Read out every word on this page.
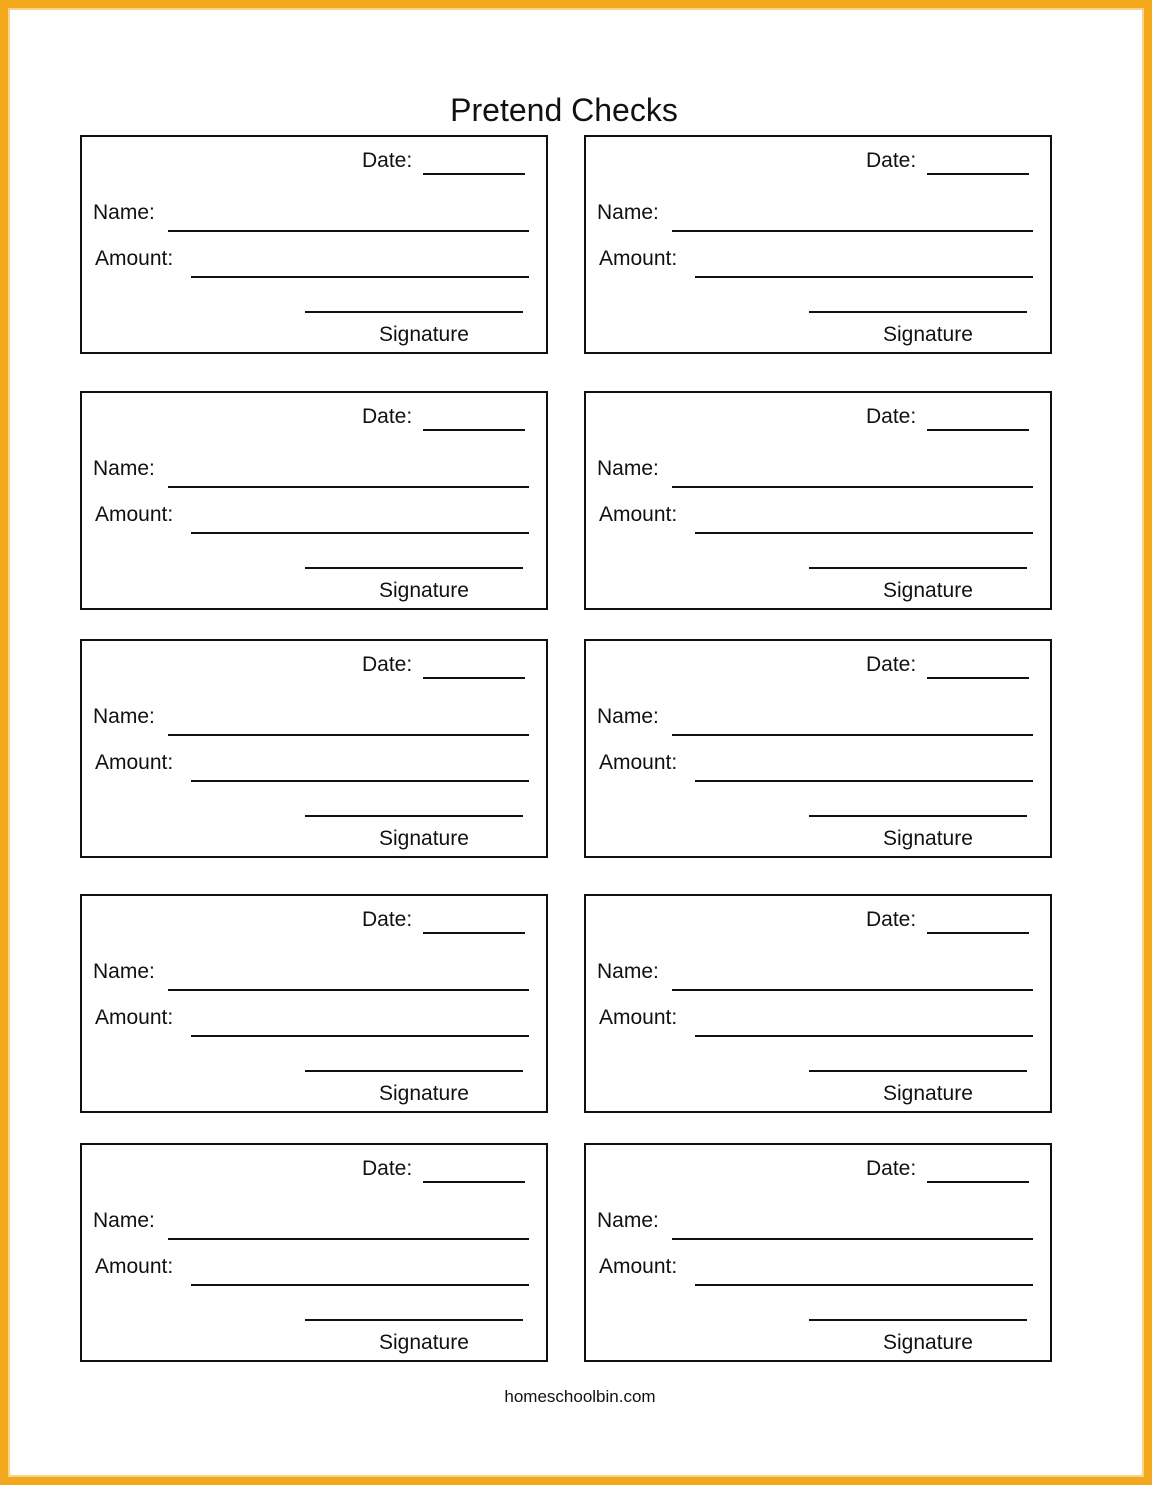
Pretend Checks
Date:
Name:
Amount:
Signature
Date:
Name:
Amount:
Signature
Date:
Name:
Amount:
Signature
Date:
Name:
Amount:
Signature
Date:
Name:
Amount:
Signature
Date:
Name:
Amount:
Signature
Date:
Name:
Amount:
Signature
Date:
Name:
Amount:
Signature
Date:
Name:
Amount:
Signature
Date:
Name:
Amount:
Signature
homeschoolbin.com
